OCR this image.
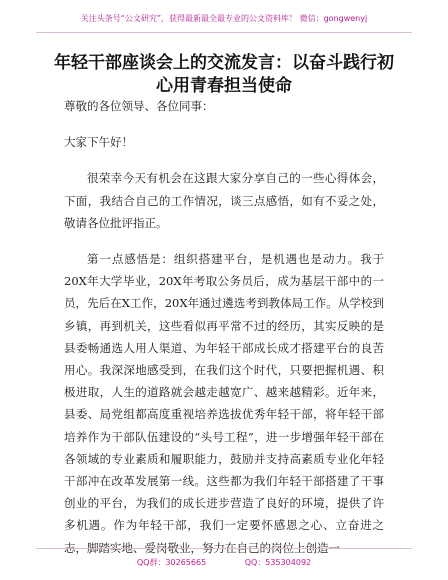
关注头条号“公文研究”，获得最新最全最专业的公文资料库！ 微信：gongwenyj
年轻干部座谈会上的交流发言：以奋斗践行初
心用青春担当使命

尊敬的各位领导、各位同事：

大家下午好！

很荣幸今天有机会在这跟大家分享自己的一些心得体会，下面，我结合自己的工作情况，谈三点感悟，如有不妥之处，敬请各位批评指正。

第一点感悟是：组织搭建平台，是机遇也是动力。我于20X年大学毕业，20X年考取公务员后，成为基层干部中的一员，先后在X工作，20X年通过遴选考到教体局工作。从学校到乡镇，再到机关，这些看似再平常不过的经历，其实反映的是县委畅通选人用人渠道、为年轻干部成长成才搭建平台的良苦用心。我深深地感受到，在我们这个时代，只要把握机遇、积极进取，人生的道路就会越走越宽广、越来越精彩。近年来，县委、局党组都高度重视培养选拔优秀年轻干部，将年轻干部培养作为干部队伍建设的“头号工程”，进一步增强年轻干部在各领域的专业素质和履职能力，鼓励并支持高素质专业化年轻干部冲在改革发展第一线。这些都为我们年轻干部搭建了干事创业的平台，为我们的成长进步营造了良好的环境，提供了许多机遇。作为年轻干部，我们一定要怀感恩之心、立奋进之志，脚踏实地、爱岗敬业，努力在自己的岗位上创造一

QQ群：30265665	QQ：535304092
